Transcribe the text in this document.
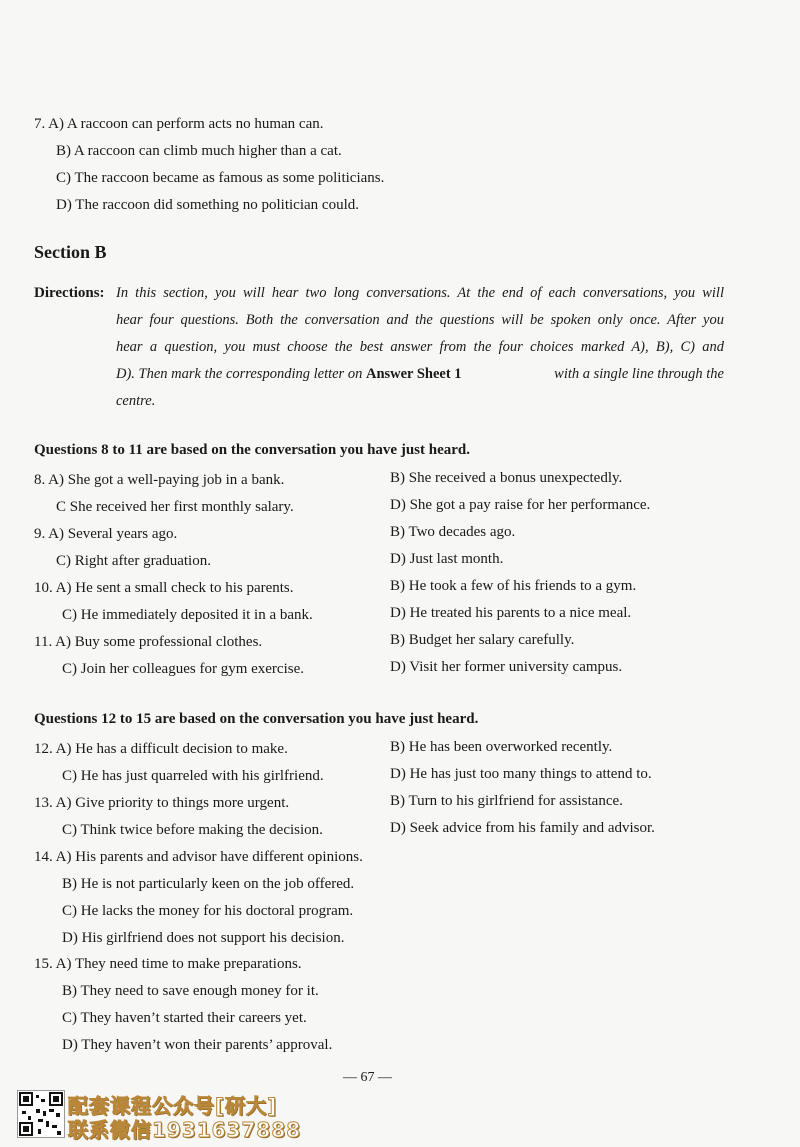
7. A) A raccoon can perform acts no human can.
B) A raccoon can climb much higher than a cat.
C) The raccoon became as famous as some politicians.
D) The raccoon did something no politician could.
Section B
Directions: In this section, you will hear two long conversations. At the end of each conversations, you will
hear four questions. Both the conversation and the questions will be spoken only once. After you
hear a question, you must choose the best answer from the four choices marked A), B), C) and
D). Then mark the corresponding letter on Answer Sheet 1	with a single line through the
centre.
Questions 8 to 11 are based on the conversation you have just heard.
8. A) She got a well-paying job in a bank.	B) She received a bonus unexpectedly.
C She received her first monthly salary.	D) She got a pay raise for her performance.
9. A) Several years ago.	B) Two decades ago.
C) Right after graduation.	D) Just last month.
10. A) He sent a small check to his parents.	B) He took a few of his friends to a gym.
C) He immediately deposited it in a bank.	D) He treated his parents to a nice meal.
11. A) Buy some professional clothes.	B) Budget her salary carefully.
C) Join her colleagues for gym exercise.	D) Visit her former university campus.
Questions 12 to 15 are based on the conversation you have just heard.
12. A) He has a difficult decision to make.	B) He has been overworked recently.
C) He has just quarreled with his girlfriend.	D) He has just too many things to attend to.
13. A) Give priority to things more urgent.	B) Turn to his girlfriend for assistance.
C) Think twice before making the decision.	D) Seek advice from his family and advisor.
14. A) His parents and advisor have different opinions.
B) He is not particularly keen on the job offered.
C) He lacks the money for his doctoral program.
D) His girlfriend does not support his decision.
15. A) They need time to make preparations.
B) They need to save enough money for it.
C) They haven’t started their careers yet.
D) They haven’t won their parents’ approval.
— 67 —
配套课程公众号[研大]
联系微信1931637888
